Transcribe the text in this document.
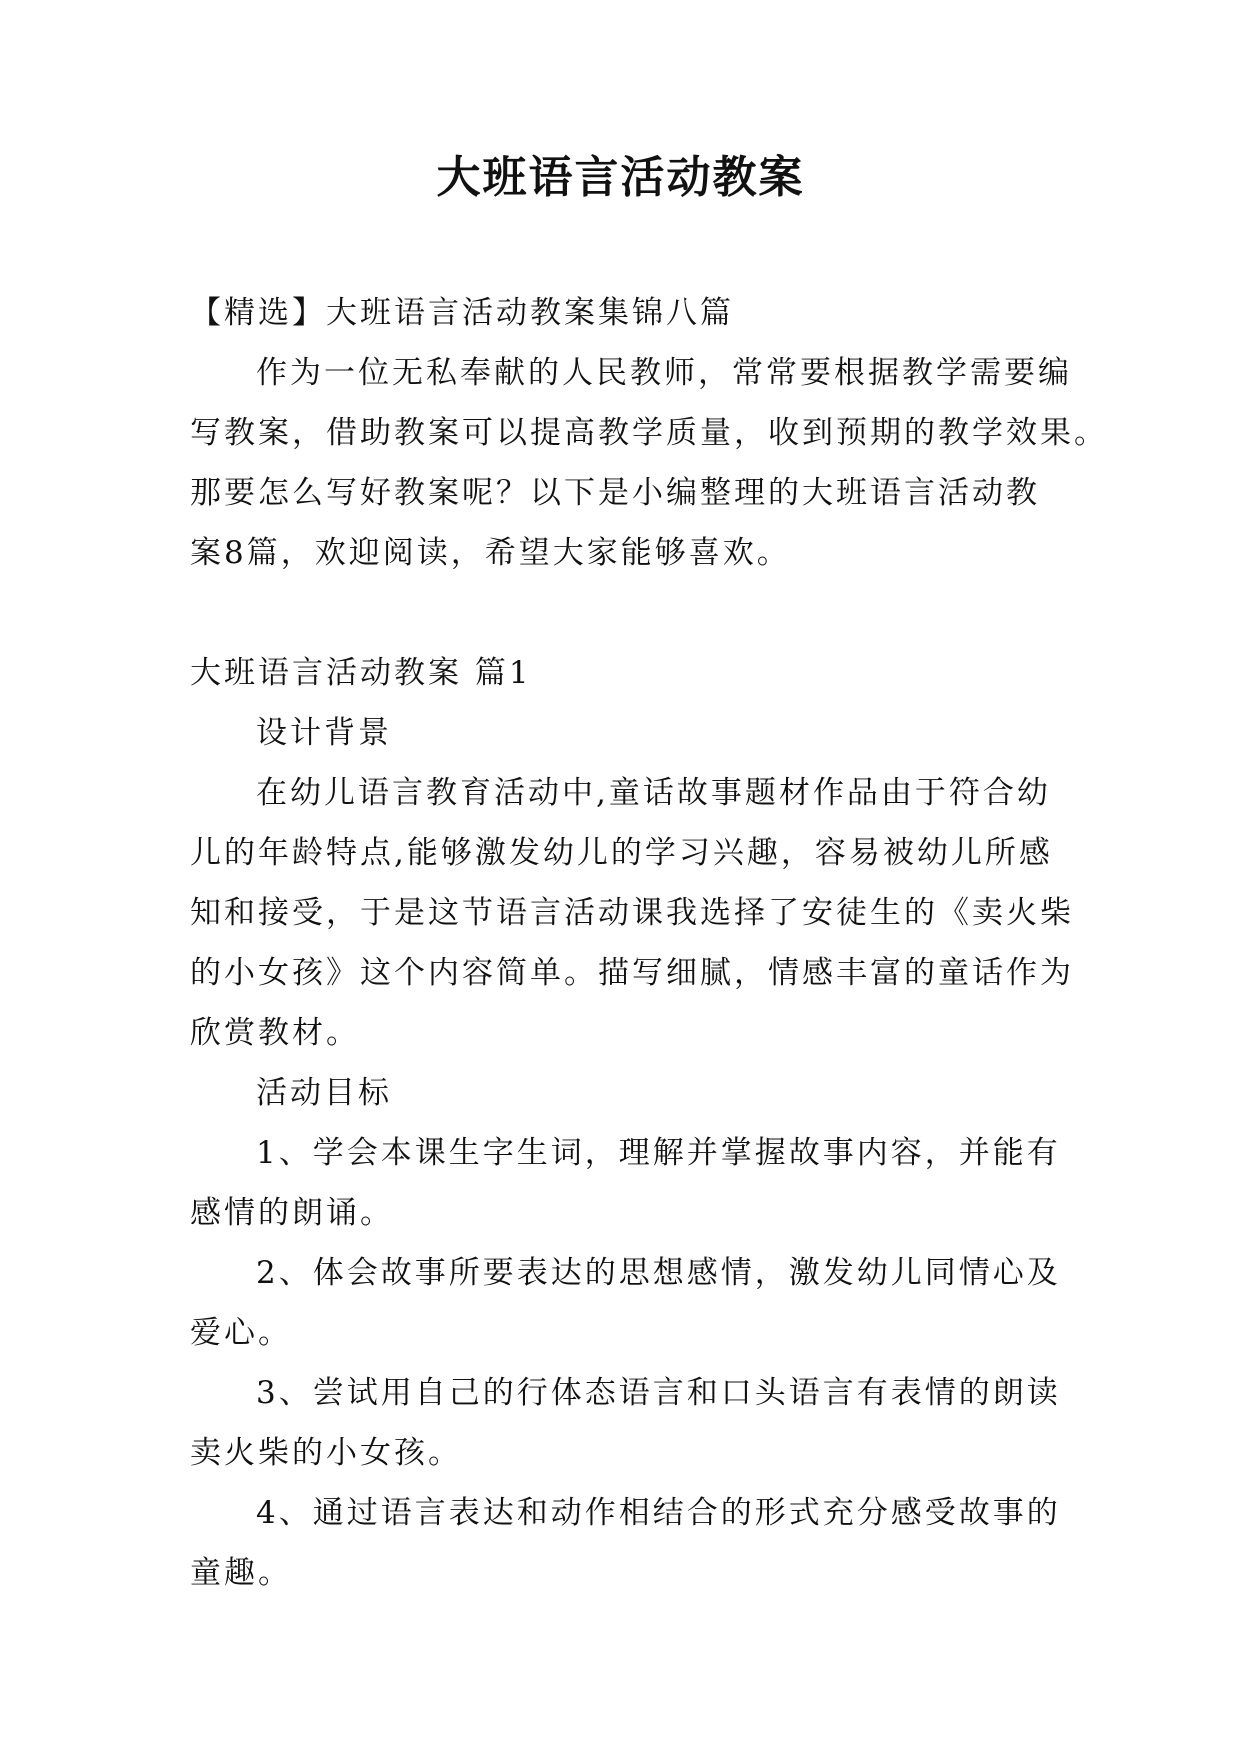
大班语言活动教案
【精选】大班语言活动教案集锦八篇
作为一位无私奉献的人民教师，常常要根据教学需要编
写教案，借助教案可以提高教学质量，收到预期的教学效果。
那要怎么写好教案呢？以下是小编整理的大班语言活动教
案8篇，欢迎阅读，希望大家能够喜欢。
大班语言活动教案 篇1
设计背景
在幼儿语言教育活动中,童话故事题材作品由于符合幼
儿的年龄特点,能够激发幼儿的学习兴趣，容易被幼儿所感
知和接受，于是这节语言活动课我选择了安徒生的《卖火柴
的小女孩》这个内容简单。描写细腻，情感丰富的童话作为
欣赏教材。
活动目标
1、学会本课生字生词，理解并掌握故事内容，并能有
感情的朗诵。
2、体会故事所要表达的思想感情，激发幼儿同情心及
爱心。
3、尝试用自己的行体态语言和口头语言有表情的朗读
卖火柴的小女孩。
4、通过语言表达和动作相结合的形式充分感受故事的
童趣。
